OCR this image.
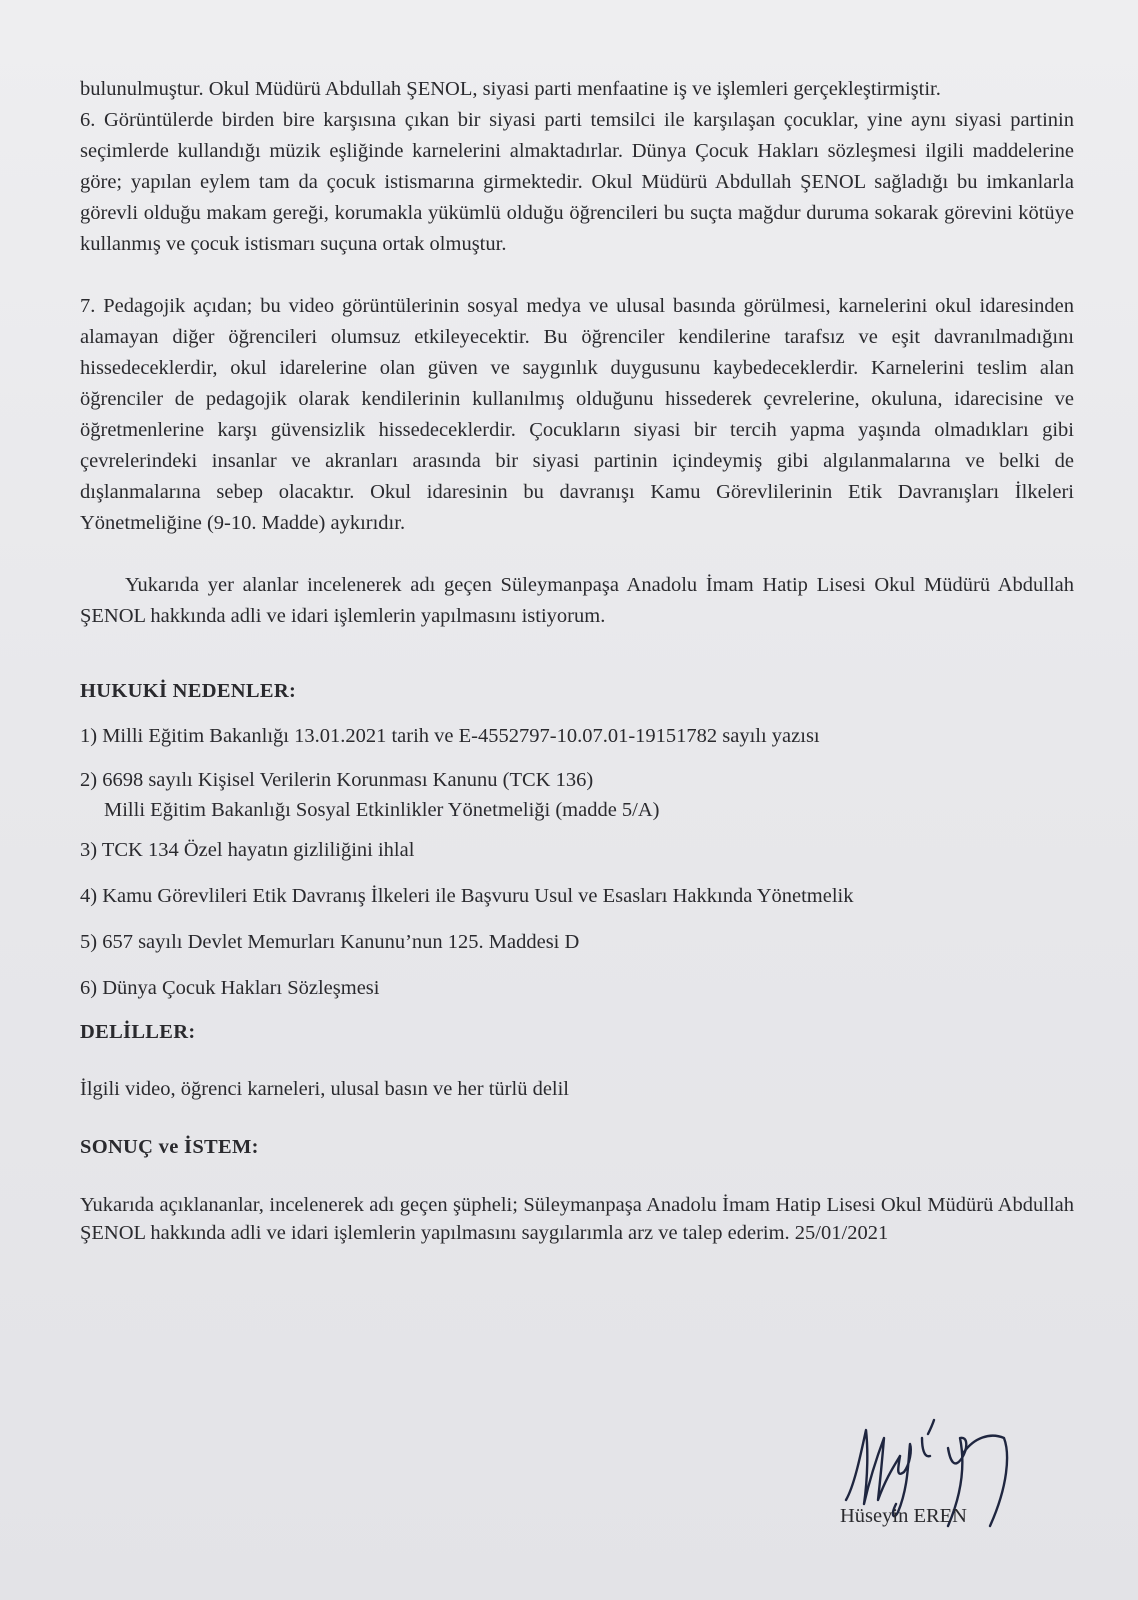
bulunulmuştur. Okul Müdürü Abdullah ŞENOL, siyasi parti menfaatine iş ve işlemleri gerçekleştirmiştir.

6. Görüntülerde birden bire karşısına çıkan bir siyasi parti temsilci ile karşılaşan çocuklar, yine aynı siyasi partinin seçimlerde kullandığı müzik eşliğinde karnelerini almaktadırlar. Dünya Çocuk Hakları sözleşmesi ilgili maddelerine göre; yapılan eylem tam da çocuk istismarına girmektedir. Okul Müdürü Abdullah ŞENOL sağladığı bu imkanlarla görevli olduğu makam gereği, korumakla yükümlü olduğu öğrencileri bu suçta mağdur duruma sokarak görevini kötüye kullanmış ve çocuk istismarı suçuna ortak olmuştur.

7. Pedagojik açıdan; bu video görüntülerinin sosyal medya ve ulusal basında görülmesi, karnelerini okul idaresinden alamayan diğer öğrencileri olumsuz etkileyecektir. Bu öğrenciler kendilerine tarafsız ve eşit davranılmadığını hissedeceklerdir, okul idarelerine olan güven ve saygınlık duygusunu kaybedeceklerdir. Karnelerini teslim alan öğrenciler de pedagojik olarak kendilerinin kullanılmış olduğunu hissederek çevrelerine, okuluna, idarecisine ve öğretmenlerine karşı güvensizlik hissedeceklerdir. Çocukların siyasi bir tercih yapma yaşında olmadıkları gibi çevrelerindeki insanlar ve akranları arasında bir siyasi partinin içindeymiş gibi algılanmalarına ve belki de dışlanmalarına sebep olacaktır. Okul idaresinin bu davranışı Kamu Görevlilerinin Etik Davranışları İlkeleri Yönetmeliğine (9-10. Madde) aykırıdır.

Yukarıda yer alanlar incelenerek adı geçen Süleymanpaşa Anadolu İmam Hatip Lisesi Okul Müdürü Abdullah ŞENOL hakkında adli ve idari işlemlerin yapılmasını istiyorum.

HUKUKİ NEDENLER:

1) Milli Eğitim Bakanlığı 13.01.2021 tarih ve E-4552797-10.07.01-19151782 sayılı yazısı

2) 6698 sayılı Kişisel Verilerin Korunması Kanunu (TCK 136)

Milli Eğitim Bakanlığı Sosyal Etkinlikler Yönetmeliği (madde 5/A)

3) TCK 134 Özel hayatın gizliliğini ihlal

4) Kamu Görevlileri Etik Davranış İlkeleri ile Başvuru Usul ve Esasları Hakkında Yönetmelik

5) 657 sayılı Devlet Memurları Kanunu’nun 125. Maddesi D

6) Dünya Çocuk Hakları Sözleşmesi

DELİLLER:

İlgili video, öğrenci karneleri, ulusal basın ve her türlü delil

SONUÇ ve İSTEM:

Yukarıda açıklananlar, incelenerek adı geçen şüpheli; Süleymanpaşa Anadolu İmam Hatip Lisesi Okul Müdürü Abdullah ŞENOL hakkında adli ve idari işlemlerin yapılmasını saygılarımla arz ve talep ederim. 25/01/2021

Hüseyin EREN
